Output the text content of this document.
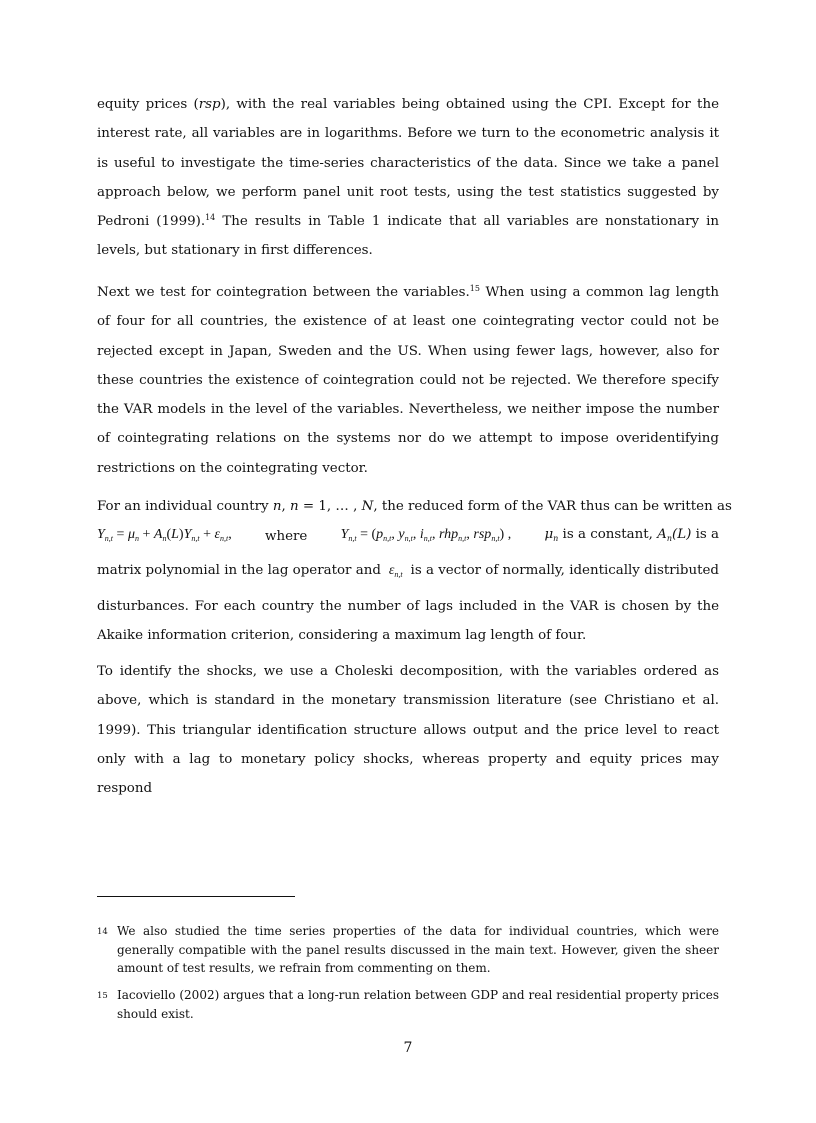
equity prices (rsp), with the real variables being obtained using the CPI. Except for the interest rate, all variables are in logarithms. Before we turn to the econometric analysis it is useful to investigate the time-series characteristics of the data. Since we take a panel approach below, we perform panel unit root tests, using the test statistics suggested by Pedroni (1999).$^{14}$ The results in Table 1 indicate that all variables are nonstationary in levels, but stationary in first differences.

Next we test for cointegration between the variables.$^{15}$ When using a common lag length of four for all countries, the existence of at least one cointegrating vector could not be rejected except in Japan, Sweden and the US. When using fewer lags, however, also for these countries the existence of cointegration could not be rejected. We therefore specify the VAR models in the level of the variables. Nevertheless, we neither impose the number of cointegrating relations on the systems nor do we attempt to impose overidentifying restrictions on the cointegrating vector.

For an individual country n, n = 1, … , N, the reduced form of the VAR thus can be written as
$Y_{n,t} = \mu_n + A_n(L)Y_{n,t} + \varepsilon_{n,t}$, where $Y_{n,t} = (p_{n,t}$, $y_{n,t}$, $i_{n,t}$, rhp$_{n,t}$, rsp$_{n,t}$) , $\mu_n$ is a constant, $A_n(L)$ is a
matrix polynomial in the lag operator and $\varepsilon_{n,t}$ is a vector of normally, identically distributed

disturbances. For each country the number of lags included in the VAR is chosen by the Akaike information criterion, considering a maximum lag length of four.

To identify the shocks, we use a Choleski decomposition, with the variables ordered as above, which is standard in the monetary transmission literature (see Christiano et al. 1999). This triangular identification structure allows output and the price level to react only with a lag to monetary policy shocks, whereas property and equity prices may respond

14 We also studied the time series properties of the data for individual countries, which were generally compatible with the panel results discussed in the main text. However, given the sheer amount of test results, we refrain from commenting on them.
15 Iacoviello (2002) argues that a long-run relation between GDP and real residential property prices should exist.
7
